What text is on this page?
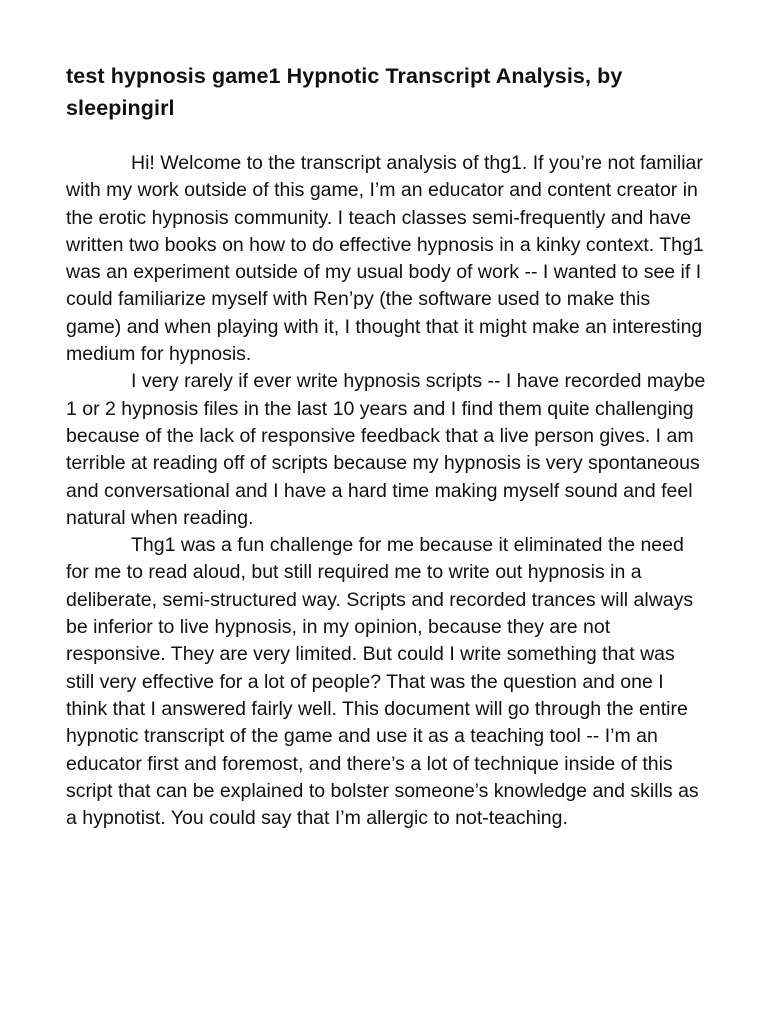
test hypnosis game1 Hypnotic Transcript Analysis, by sleepingirl

Hi! Welcome to the transcript analysis of thg1. If you’re not familiar with my work outside of this game, I’m an educator and content creator in the erotic hypnosis community. I teach classes semi-frequently and have written two books on how to do effective hypnosis in a kinky context. Thg1 was an experiment outside of my usual body of work -- I wanted to see if I could familiarize myself with Ren’py (the software used to make this game) and when playing with it, I thought that it might make an interesting medium for hypnosis.

I very rarely if ever write hypnosis scripts -- I have recorded maybe 1 or 2 hypnosis files in the last 10 years and I find them quite challenging because of the lack of responsive feedback that a live person gives. I am terrible at reading off of scripts because my hypnosis is very spontaneous and conversational and I have a hard time making myself sound and feel natural when reading.

Thg1 was a fun challenge for me because it eliminated the need for me to read aloud, but still required me to write out hypnosis in a deliberate, semi-structured way. Scripts and recorded trances will always be inferior to live hypnosis, in my opinion, because they are not responsive. They are very limited. But could I write something that was still very effective for a lot of people? That was the question and one I think that I answered fairly well. This document will go through the entire hypnotic transcript of the game and use it as a teaching tool -- I’m an educator first and foremost, and there’s a lot of technique inside of this script that can be explained to bolster someone’s knowledge and skills as a hypnotist. You could say that I’m allergic to not-teaching.
